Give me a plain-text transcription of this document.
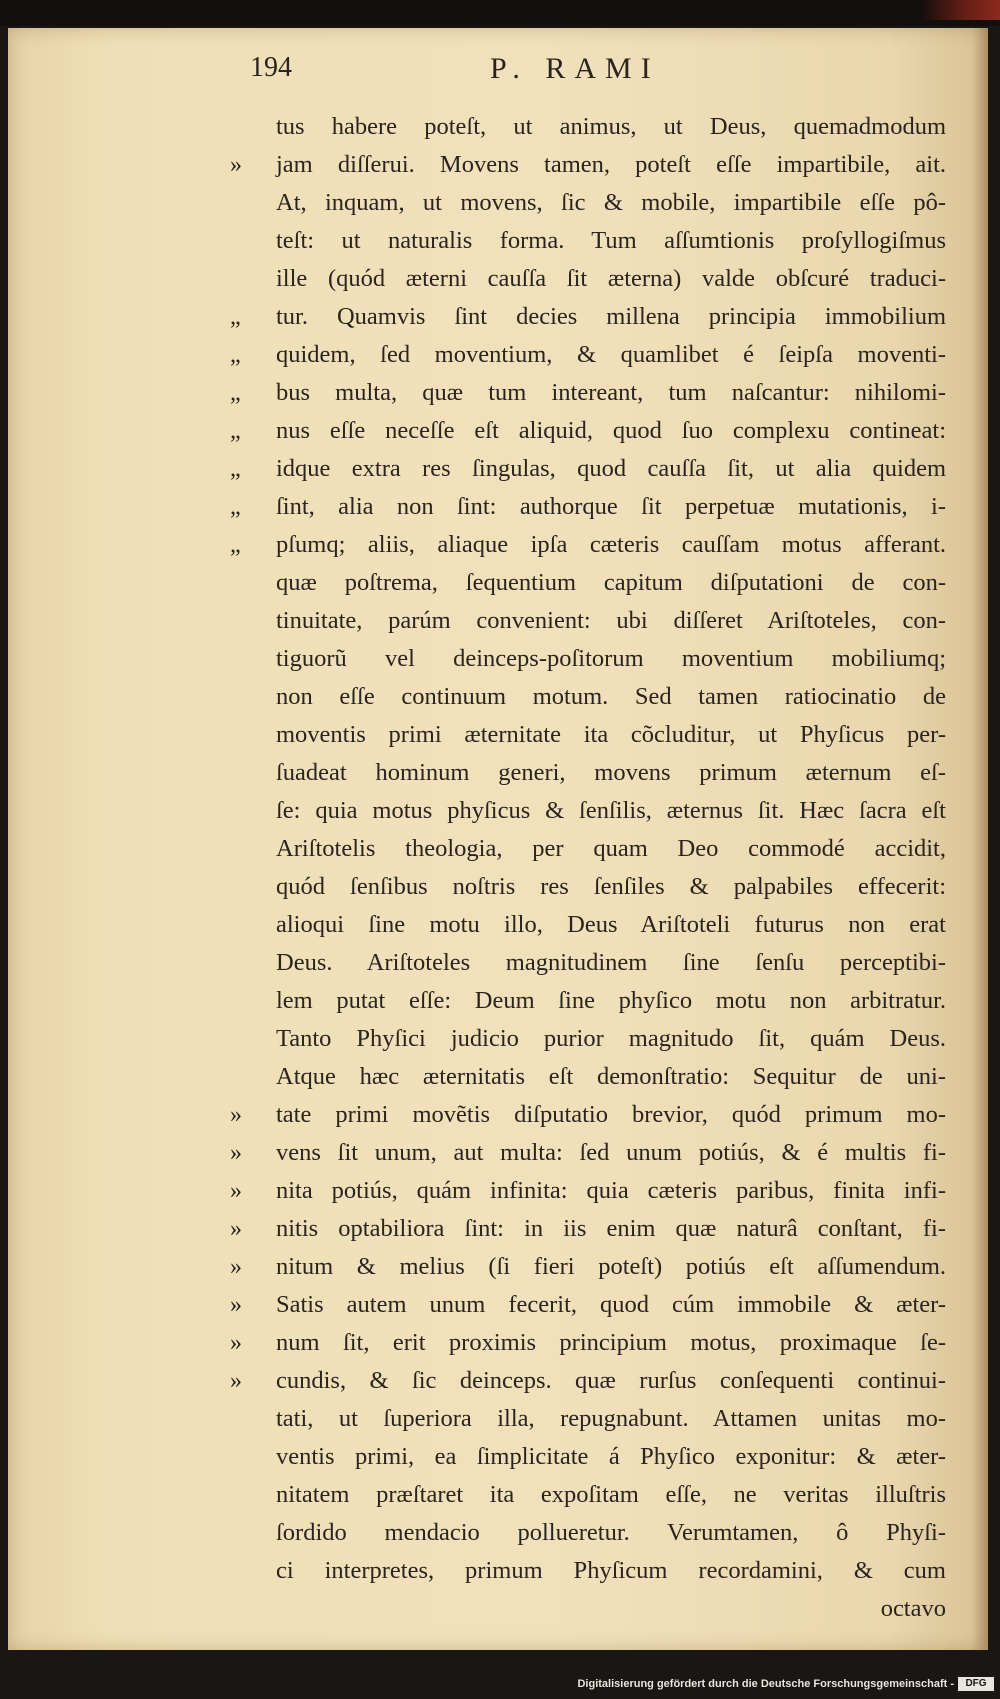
194	P. RAMI
tus habere poteſt, ut animus, ut Deus, quemadmodum
» jam diſſerui. Movens tamen, poteſt eſſe impartibile, ait.
At, inquam, ut movens, ſic & mobile, impartibile eſſe pô-
teſt: ut naturalis forma. Tum aſſumtionis proſyllogiſmus
ille (quód æterni cauſſa ſit æterna) valde obſcuré traduci-
„ tur. Quamvis ſint decies millena principia immobilium
„ quidem, ſed moventium, & quamlibet é ſeipſa moventi-
„ bus multa, quæ tum intereant, tum naſcantur: nihilomi-
„ nus eſſe neceſſe eſt aliquid, quod ſuo complexu contineat:
„ idque extra res ſingulas, quod cauſſa ſit, ut alia quidem
„ ſint, alia non ſint: authorque ſit perpetuæ mutationis, i-
„ pſumq; aliis, aliaque ipſa cæteris cauſſam motus afferant.
quæ poſtrema, ſequentium capitum diſputationi de con-
tinuitate, parúm convenient: ubi diſſeret Ariſtoteles, con-
tiguorũ vel deinceps-poſitorum moventium mobiliumq;
non eſſe continuum motum. Sed tamen ratiocinatio de
moventis primi æternitate ita cõcluditur, ut Phyſicus per-
ſuadeat hominum generi, movens primum æternum eſ-
ſe: quia motus phyſicus & ſenſilis, æternus ſit. Hæc ſacra eſt
Ariſtotelis theologia, per quam Deo commodé accidit,
quód ſenſibus noſtris res ſenſiles & palpabiles effecerit:
alioqui ſine motu illo, Deus Ariſtoteli futurus non erat
Deus. Ariſtoteles magnitudinem ſine ſenſu perceptibi-
lem putat eſſe: Deum ſine phyſico motu non arbitratur.
Tanto Phyſici judicio purior magnitudo ſit, quám Deus.
Atque hæc æternitatis eſt demonſtratio: Sequitur de uni-
» tate primi movẽtis diſputatio brevior, quód primum mo-
» vens ſit unum, aut multa: ſed unum potiús, & é multis fi-
» nita potiús, quám infinita: quia cæteris paribus, finita infi-
» nitis optabiliora ſint: in iis enim quæ naturâ conſtant, fi-
» nitum & melius (ſi fieri poteſt) potiús eſt aſſumendum.
» Satis autem unum fecerit, quod cúm immobile & æter-
» num ſit, erit proximis principium motus, proximaque ſe-
» cundis, & ſic deinceps. quæ rurſus conſequenti continui-
tati, ut ſuperiora illa, repugnabunt. Attamen unitas mo-
ventis primi, ea ſimplicitate á Phyſico exponitur: & æter-
nitatem præſtaret ita expoſitam eſſe, ne veritas illuſtris
ſordido mendacio pollueretur. Verumtamen, ô Phyſi-
ci interpretes, primum Phyſicum recordamini, & cum
octavo
Digitalisierung gefördert durch die Deutsche Forschungsgemeinschaft -	DFG
